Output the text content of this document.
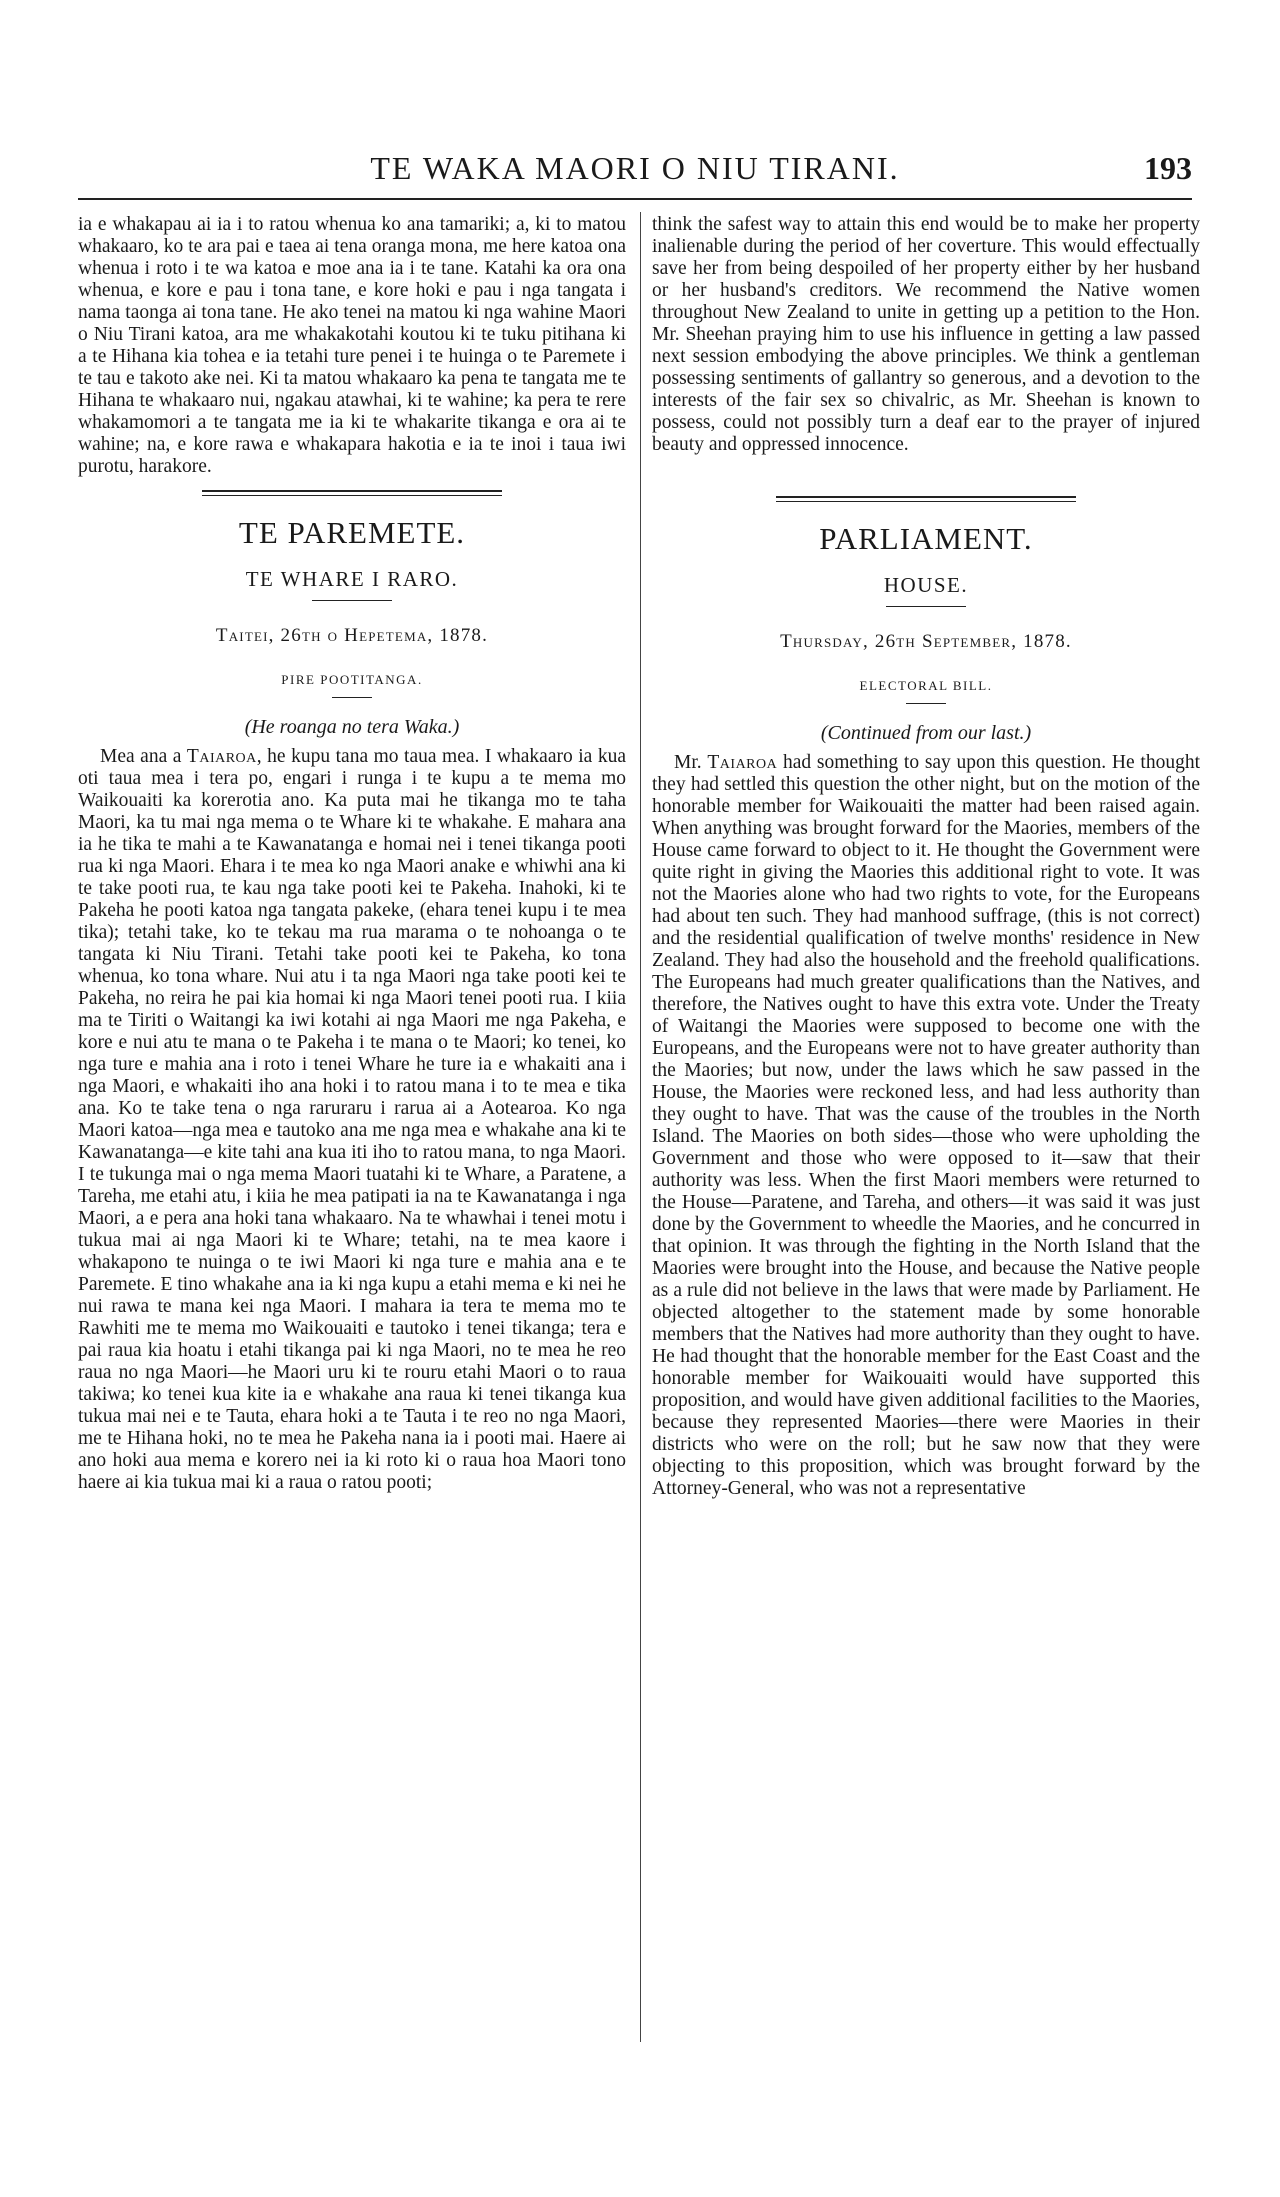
TE WAKA MAORI O NIU TIRANI.	193

ia e whakapau ai ia i to ratou whenua ko ana tamariki; a, ki to matou whakaaro, ko te ara pai e taea ai tena oranga mona, me here katoa ona whenua i roto i te wa katoa e moe ana ia i te tane. Katahi ka ora ona whenua, e kore e pau i tona tane, e kore hoki e pau i nga tangata i nama taonga ai tona tane. He ako tenei na matou ki nga wahine Maori o Niu Tirani katoa, ara me whakakotahi koutou ki te tuku pitihana ki a te Hihana kia tohea e ia tetahi ture penei i te huinga o te Paremete i te tau e takoto ake nei. Ki ta matou whakaaro ka pena te tangata me te Hihana te whakaaro nui, ngakau atawhai, ki te wahine; ka pera te rere whakamomori a te tangata me ia ki te whakarite tikanga e ora ai te wahine; na, e kore rawa e whakapara hakotia e ia te inoi i taua iwi purotu, harakore.

TE PAREMETE.
TE WHARE I RARO.
Taitei, 26th o Hepetema, 1878.
PIRE POOTITANGA.
(He roanga no tera Waka.)

Mea ana a Taiaroa, he kupu tana mo taua mea. I whakaaro ia kua oti taua mea i tera po, engari i runga i te kupu a te mema mo Waikouaiti ka korerotia ano. Ka puta mai he tikanga mo te taha Maori, ka tu mai nga mema o te Whare ki te whakahe. E mahara ana ia he tika te mahi a te Kawanatanga e homai nei i tenei tikanga pooti rua ki nga Maori. Ehara i te mea ko nga Maori anake e whiwhi ana ki te take pooti rua, te kau nga take pooti kei te Pakeha. Inahoki, ki te Pakeha he pooti katoa nga tangata pakeke, (ehara tenei kupu i te mea tika); tetahi take, ko te tekau ma rua marama o te nohoanga o te tangata ki Niu Tirani. Tetahi take pooti kei te Pakeha, ko tona whenua, ko tona whare. Nui atu i ta nga Maori nga take pooti kei te Pakeha, no reira he pai kia homai ki nga Maori tenei pooti rua. I kiia ma te Tiriti o Waitangi ka iwi kotahi ai nga Maori me nga Pakeha, e kore e nui atu te mana o te Pakeha i te mana o te Maori; ko tenei, ko nga ture e mahia ana i roto i tenei Whare he ture ia e whakaiti ana i nga Maori, e whakaiti iho ana hoki i to ratou mana i to te mea e tika ana. Ko te take tena o nga raruraru i rarua ai a Aotearoa. Ko nga Maori katoa—nga mea e tautoko ana me nga mea e whakahe ana ki te Kawanatanga—e kite tahi ana kua iti iho to ratou mana, to nga Maori. I te tukunga mai o nga mema Maori tuatahi ki te Whare, a Paratene, a Tareha, me etahi atu, i kiia he mea patipati ia na te Kawanatanga i nga Maori, a e pera ana hoki tana whakaaro. Na te whawhai i tenei motu i tukua mai ai nga Maori ki te Whare; tetahi, na te mea kaore i whakapono te nuinga o te iwi Maori ki nga ture e mahia ana e te Paremete. E tino whakahe ana ia ki nga kupu a etahi mema e ki nei he nui rawa te mana kei nga Maori. I mahara ia tera te mema mo te Rawhiti me te mema mo Waikouaiti e tautoko i tenei tikanga; tera e pai raua kia hoatu i etahi tikanga pai ki nga Maori, no te mea he reo raua no nga Maori—he Maori uru ki te rouru etahi Maori o to raua takiwa; ko tenei kua kite ia e whakahe ana raua ki tenei tikanga kua tukua mai nei e te Tauta, ehara hoki a te Tauta i te reo no nga Maori, me te Hihana hoki, no te mea he Pakeha nana ia i pooti mai. Haere ai ano hoki aua mema e korero nei ia ki roto ki o raua hoa Maori tono haere ai kia tukua mai ki a raua o ratou pooti;

think the safest way to attain this end would be to make her property inalienable during the period of her coverture. This would effectually save her from being despoiled of her property either by her husband or her husband's creditors. We recommend the Native women throughout New Zealand to unite in getting up a petition to the Hon. Mr. Sheehan praying him to use his influence in getting a law passed next session embodying the above principles. We think a gentleman possessing sentiments of gallantry so generous, and a devotion to the interests of the fair sex so chivalric, as Mr. Sheehan is known to possess, could not possibly turn a deaf ear to the prayer of injured beauty and oppressed innocence.

PARLIAMENT.
HOUSE.
Thursday, 26th September, 1878.
ELECTORAL BILL.
(Continued from our last.)

Mr. Taiaroa had something to say upon this question. He thought they had settled this question the other night, but on the motion of the honorable member for Waikouaiti the matter had been raised again. When anything was brought forward for the Maories, members of the House came forward to object to it. He thought the Government were quite right in giving the Maories this additional right to vote. It was not the Maories alone who had two rights to vote, for the Europeans had about ten such. They had manhood suffrage, (this is not correct) and the residential qualification of twelve months' residence in New Zealand. They had also the household and the freehold qualifications. The Europeans had much greater qualifications than the Natives, and therefore, the Natives ought to have this extra vote. Under the Treaty of Waitangi the Maories were supposed to become one with the Europeans, and the Europeans were not to have greater authority than the Maories; but now, under the laws which he saw passed in the House, the Maories were reckoned less, and had less authority than they ought to have. That was the cause of the troubles in the North Island. The Maories on both sides—those who were upholding the Government and those who were opposed to it—saw that their authority was less. When the first Maori members were returned to the House—Paratene, and Tareha, and others—it was said it was just done by the Government to wheedle the Maories, and he concurred in that opinion. It was through the fighting in the North Island that the Maories were brought into the House, and because the Native people as a rule did not believe in the laws that were made by Parliament. He objected altogether to the statement made by some honorable members that the Natives had more authority than they ought to have. He had thought that the honorable member for the East Coast and the honorable member for Waikouaiti would have supported this proposition, and would have given additional facilities to the Maories, because they represented Maories—there were Maories in their districts who were on the roll; but he saw now that they were objecting to this proposition, which was brought forward by the Attorney-General, who was not a representative
